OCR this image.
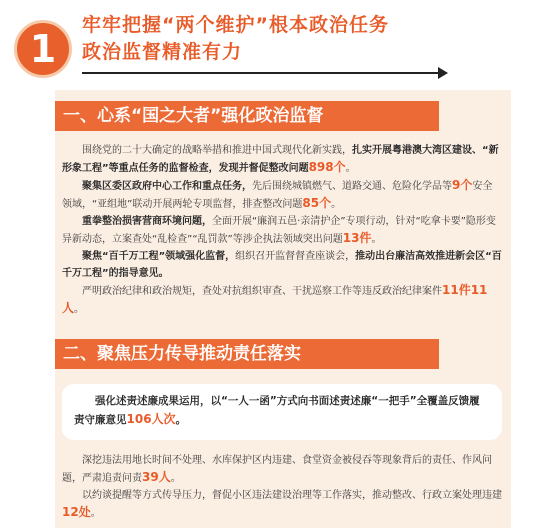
1
牢牢把握“两个维护”根本政治任务
政治监督精准有力
一、心系“国之大者”强化政治监督

围绕党的二十大确定的战略举措和推进中国式现代化新实践，扎实开展粤港澳大湾区建设、“新形象工程”等重点任务的监督检查，发现并督促整改问题898个。

聚集区委区政府中心工作和重点任务，先后围绕城镇燃气、道路交通、危险化学品等9个安全领域，“亚组地”联动开展两轮专项监督，排查整改问题85个。

重拳整治损害营商环境问题，全面开展“廉润五邑·亲清护企”专项行动，针对“吃拿卡要”隐形变异新动态，立案查处“乱检查”“乱罚款”等涉企执法领域突出问题13件。

聚焦“百千万工程”领域强化监督，组织召开监督督查座谈会，推动出台廉洁高效推进新会区“百千万工程”的指导意见。

严明政治纪律和政治规矩，查处对抗组织审查、干扰巡察工作等违反政治纪律案件11件11人。

二、聚焦压力传导推动责任落实
强化述责述廉成果运用，以“一人一函”方式向书面述责述廉“一把手”全覆盖反馈履责守廉意见106人次。

深挖违法用地长时间不处理、水库保护区内违建、食堂资金被侵吞等现象背后的责任、作风问题，严肃追责问责39人。

以约谈提醒等方式传导压力，督促小区违法建设治理等工作落实，推动整改、行政立案处理违建12处。
